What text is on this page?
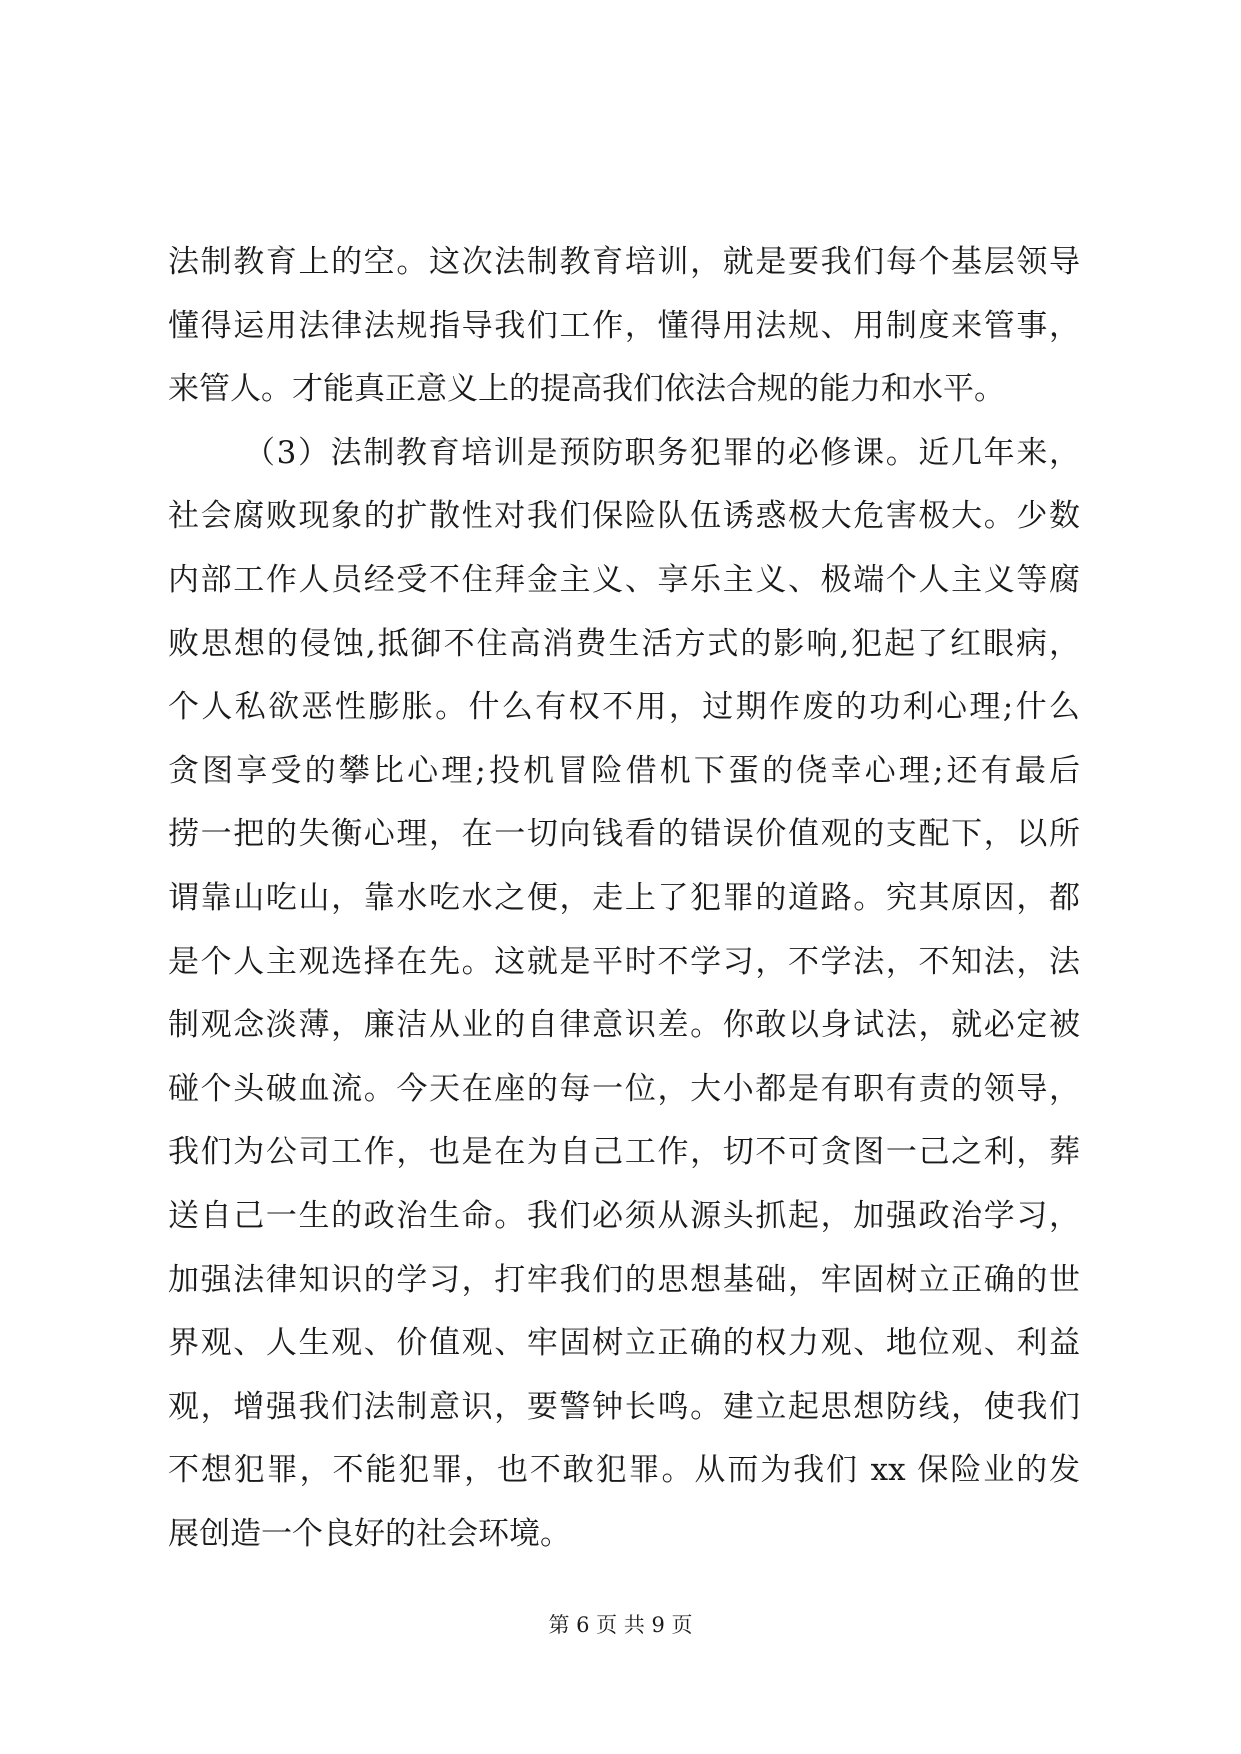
法制教育上的空。这次法制教育培训，就是要我们每个基层领导
懂得运用法律法规指导我们工作，懂得用法规、用制度来管事，
来管人。才能真正意义上的提高我们依法合规的能力和水平。
（3）法制教育培训是预防职务犯罪的必修课。近几年来，
社会腐败现象的扩散性对我们保险队伍诱惑极大危害极大。少数
内部工作人员经受不住拜金主义、享乐主义、极端个人主义等腐
败思想的侵蚀,抵御不住高消费生活方式的影响,犯起了红眼病，
个人私欲恶性膨胀。什么有权不用，过期作废的功利心理;什么
贪图享受的攀比心理;投机冒险借机下蛋的侥幸心理;还有最后
捞一把的失衡心理，在一切向钱看的错误价值观的支配下，以所
谓靠山吃山，靠水吃水之便，走上了犯罪的道路。究其原因，都
是个人主观选择在先。这就是平时不学习，不学法，不知法，法
制观念淡薄，廉洁从业的自律意识差。你敢以身试法，就必定被
碰个头破血流。今天在座的每一位，大小都是有职有责的领导，
我们为公司工作，也是在为自己工作，切不可贪图一己之利，葬
送自己一生的政治生命。我们必须从源头抓起，加强政治学习，
加强法律知识的学习，打牢我们的思想基础，牢固树立正确的世
界观、人生观、价值观、牢固树立正确的权力观、地位观、利益
观，增强我们法制意识，要警钟长鸣。建立起思想防线，使我们
不想犯罪，不能犯罪，也不敢犯罪。从而为我们 xx 保险业的发
展创造一个良好的社会环境。
第 6 页 共 9 页
